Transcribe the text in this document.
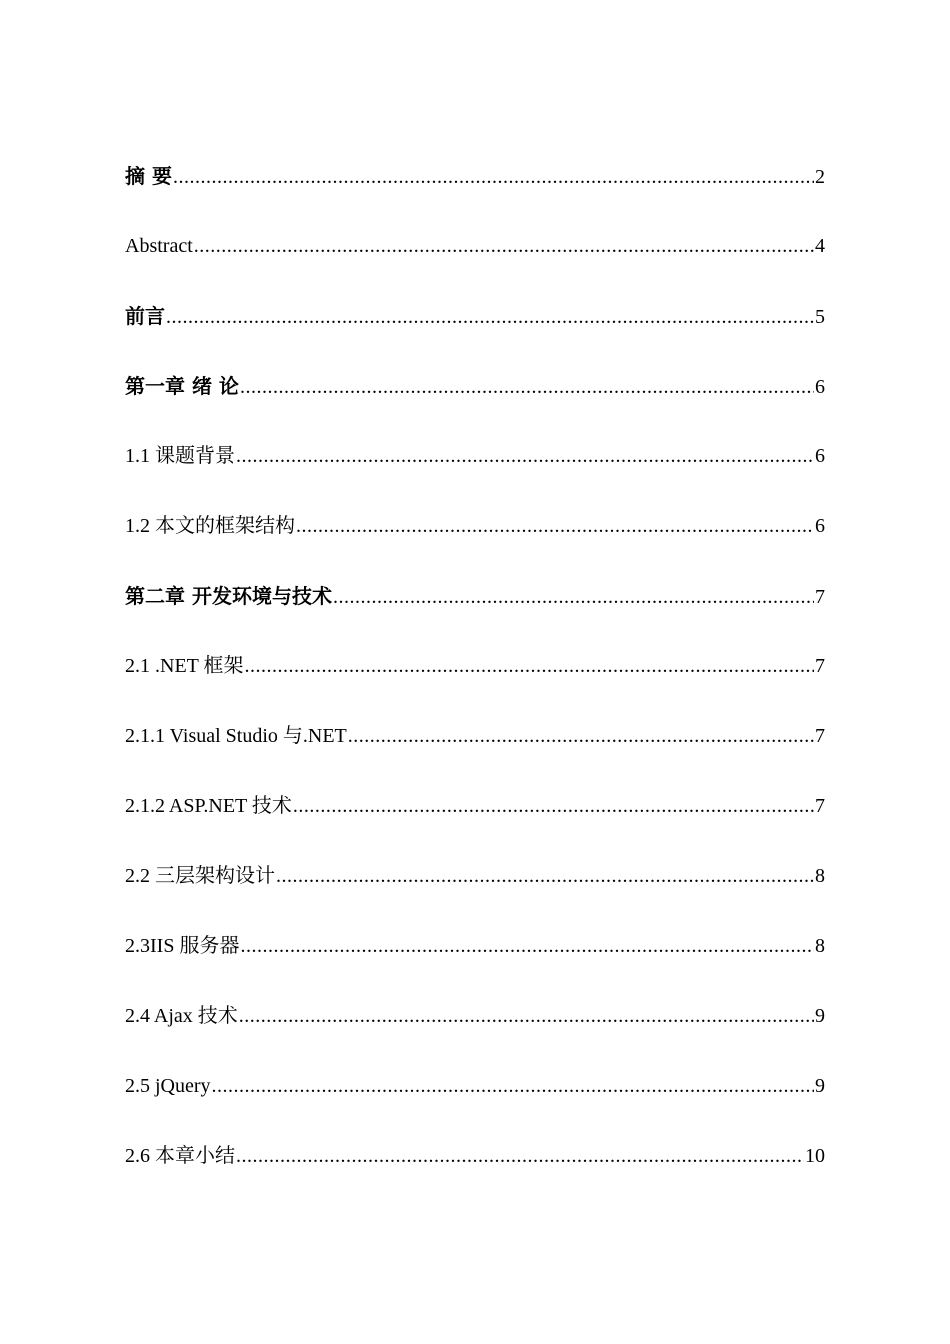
摘 要 .....	2
Abstract .....	4
前言 .....	5
第一章 绪 论 .....	6
1.1 课题背景 .....	6
1.2 本文的框架结构 .....	6
第二章 开发环境与技术 .....	7
2.1 .NET 框架 .....	7
2.1.1 Visual Studio 与.NET .....	7
2.1.2 ASP.NET 技术 .....	7
2.2 三层架构设计 .....	8
2.3IIS 服务器 .....	8
2.4 Ajax 技术 .....	9
2.5 jQuery .....	9
2.6 本章小结 .....	10
